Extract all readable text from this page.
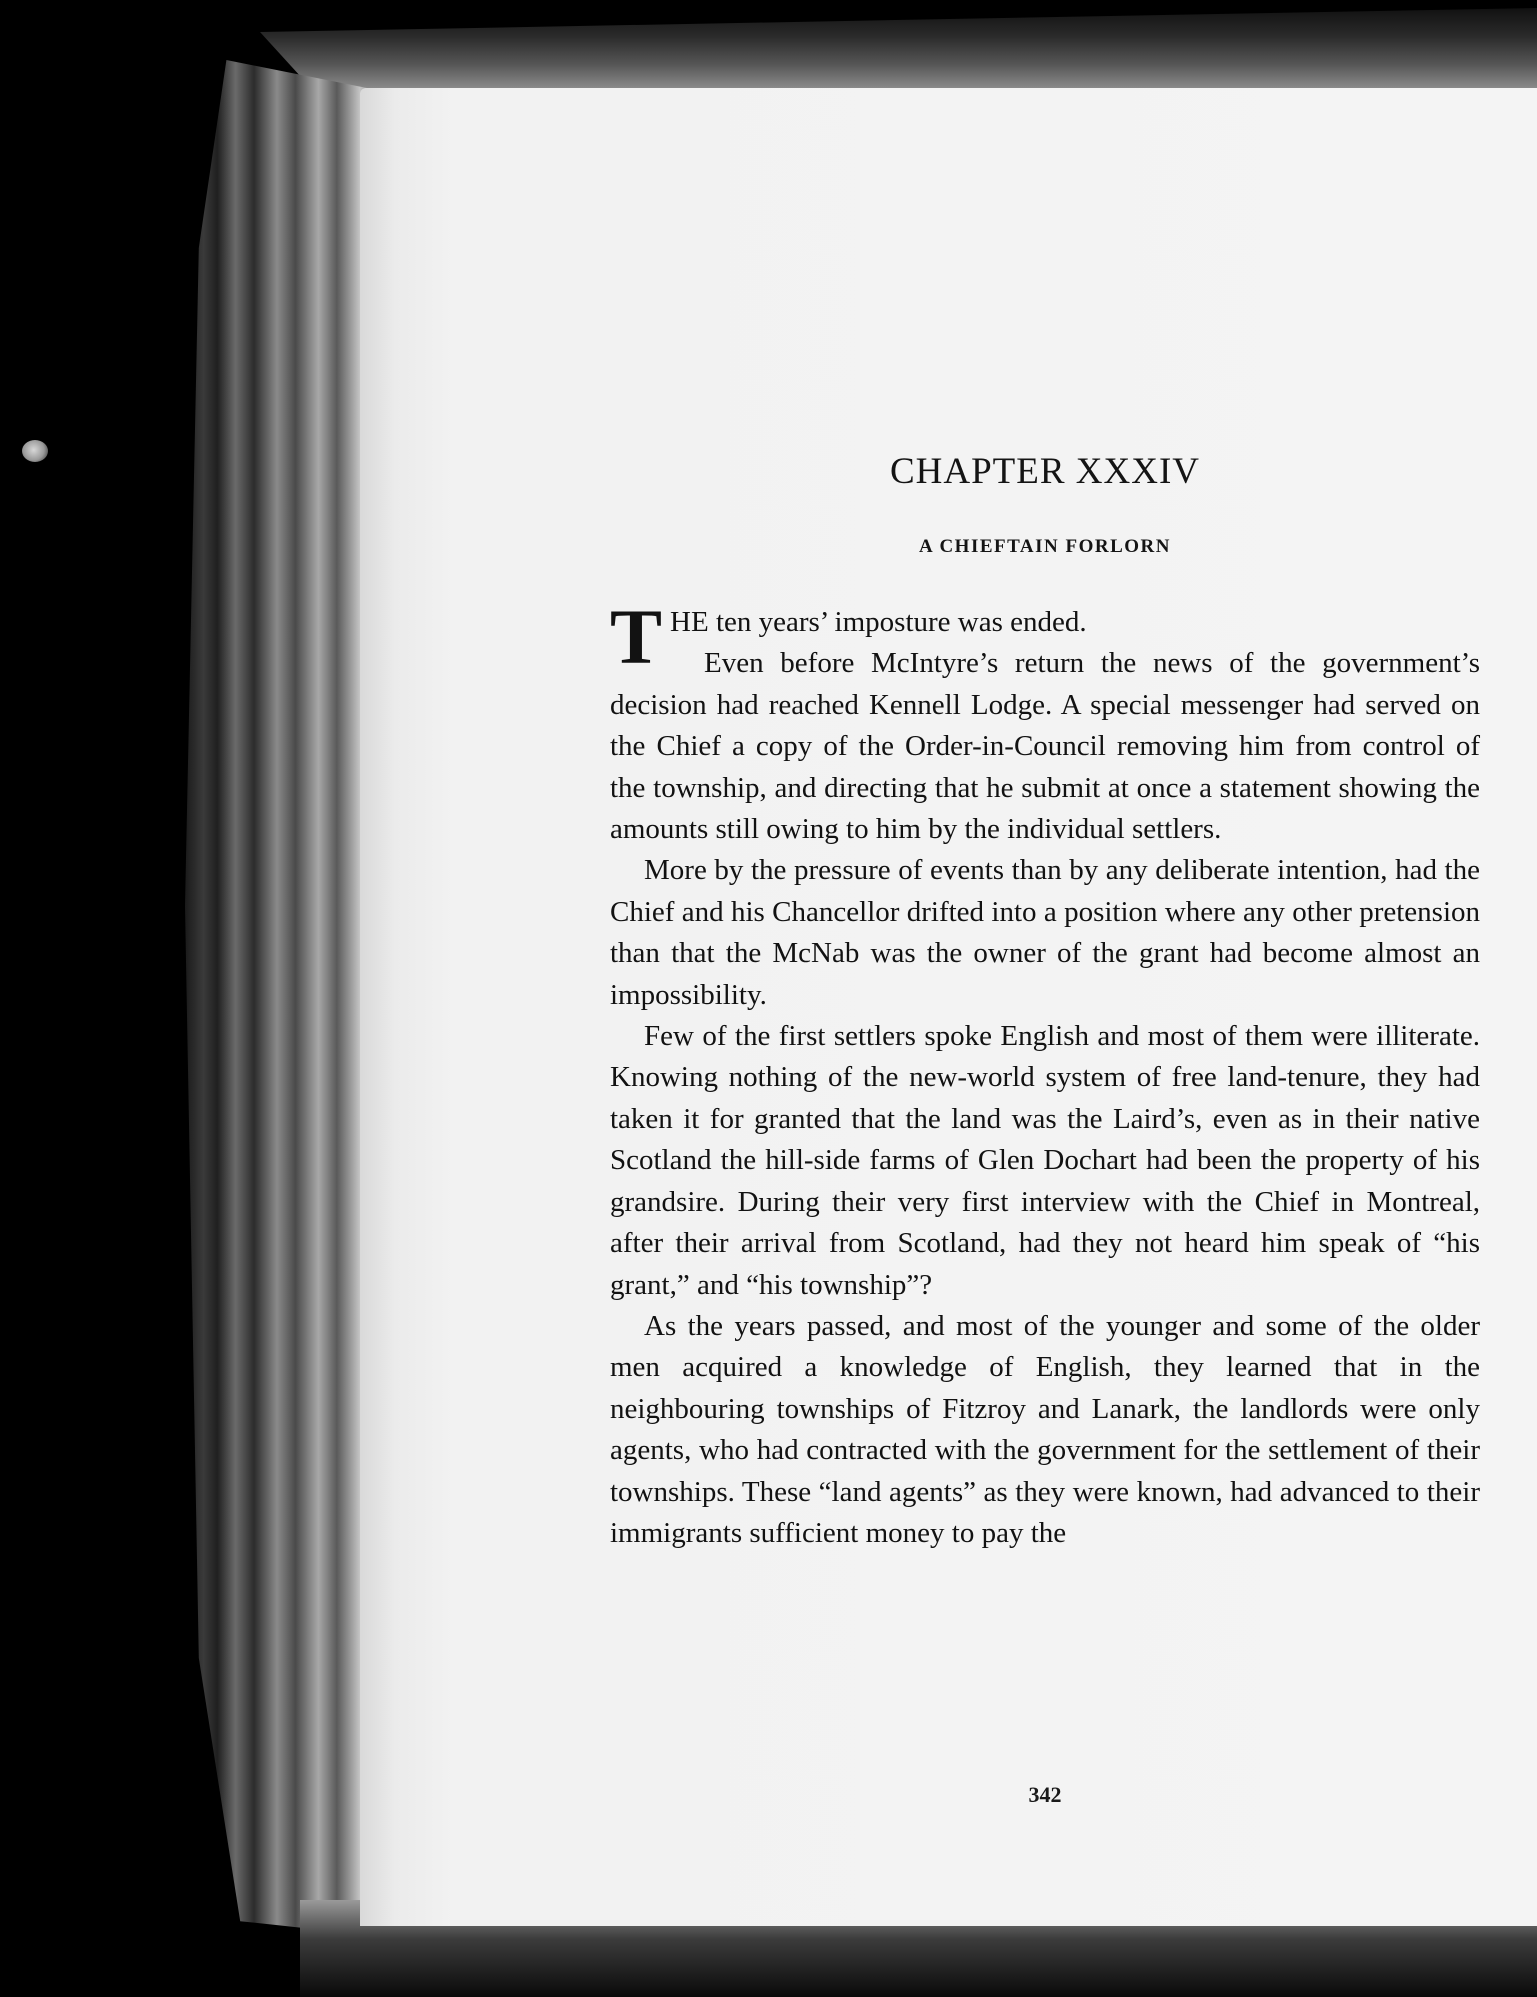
CHAPTER XXXIV
A CHIEFTAIN FORLORN

THE ten years’ imposture was ended.

Even before McIntyre’s return the news of the government’s decision had reached Kennell Lodge. A special messenger had served on the Chief a copy of the Order-in-Council removing him from control of the township, and directing that he submit at once a statement showing the amounts still owing to him by the individual settlers.

More by the pressure of events than by any deliberate intention, had the Chief and his Chancellor drifted into a position where any other pretension than that the McNab was the owner of the grant had become almost an impossibility.

Few of the first settlers spoke English and most of them were illiterate. Knowing nothing of the new-world system of free land-tenure, they had taken it for granted that the land was the Laird’s, even as in their native Scotland the hill-side farms of Glen Dochart had been the property of his grandsire. During their very first interview with the Chief in Montreal, after their arrival from Scotland, had they not heard him speak of “his grant,” and “his township”?

As the years passed, and most of the younger and some of the older men acquired a knowledge of English, they learned that in the neighbouring townships of Fitzroy and Lanark, the landlords were only agents, who had contracted with the government for the settlement of their townships. These “land agents” as they were known, had advanced to their immigrants sufficient money to pay the

342
